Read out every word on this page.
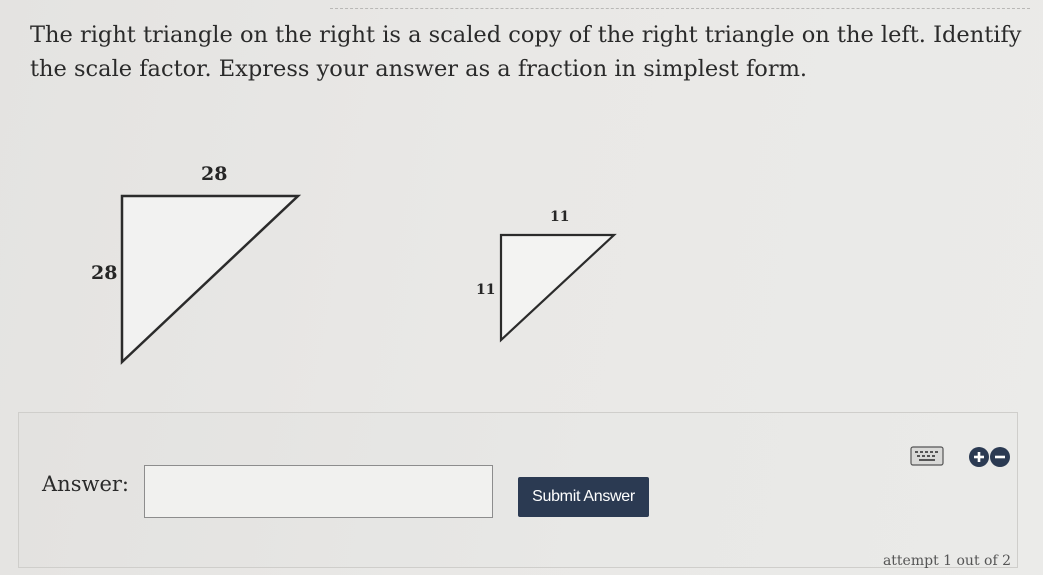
The right triangle on the right is a scaled copy of the right triangle on the left. Identify
the scale factor. Express your answer as a fraction in simplest form.
28
28
11
11
Answer:
Submit Answer
attempt 1 out of 2
